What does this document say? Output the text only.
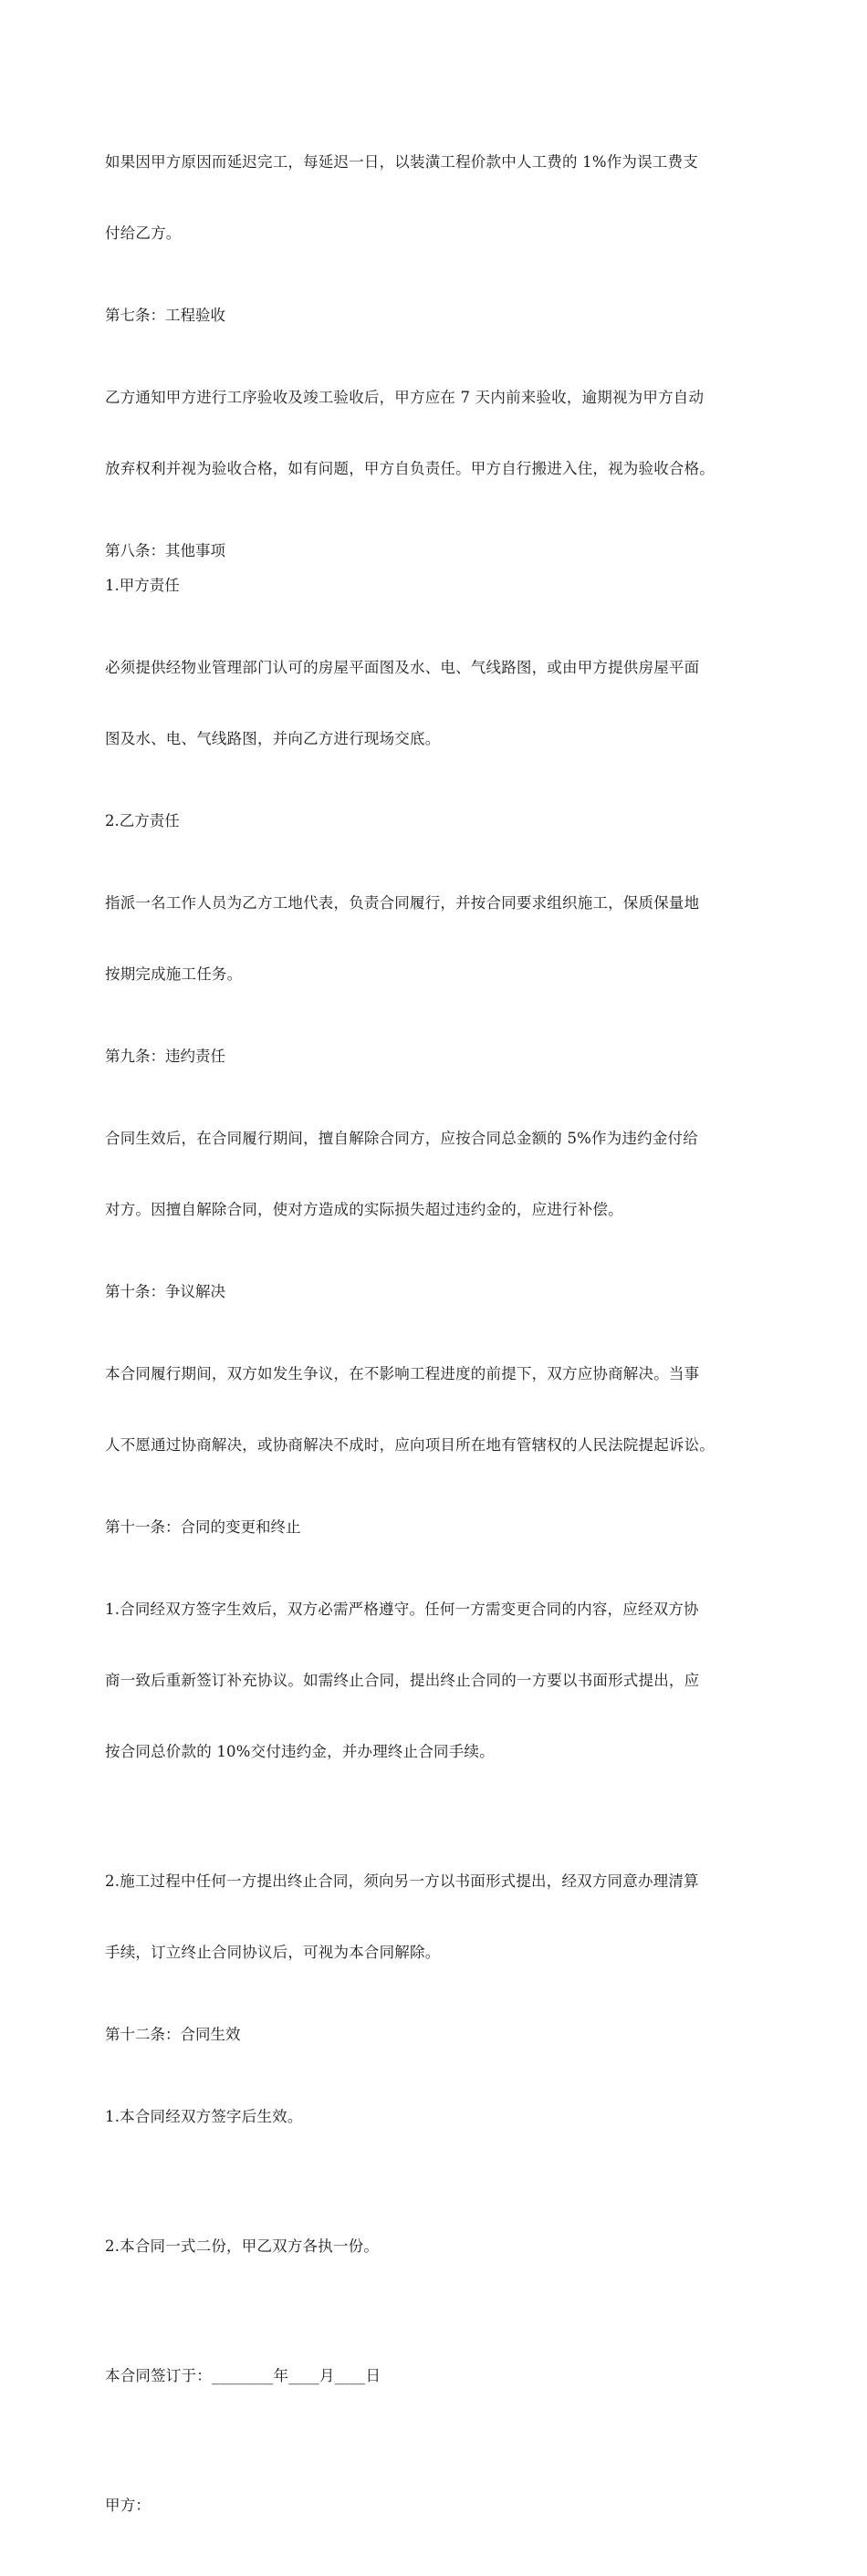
如果因甲方原因而延迟完工，每延迟一日，以装潢工程价款中人工费的 1%作为误工费支

付给乙方。

第七条：工程验收

乙方通知甲方进行工序验收及竣工验收后，甲方应在 7 天内前来验收，逾期视为甲方自动

放弃权利并视为验收合格，如有问题，甲方自负责任。甲方自行搬进入住，视为验收合格。

第八条：其他事项
1.甲方责任

必须提供经物业管理部门认可的房屋平面图及水、电、气线路图，或由甲方提供房屋平面

图及水、电、气线路图，并向乙方进行现场交底。

2.乙方责任

指派一名工作人员为乙方工地代表，负责合同履行，并按合同要求组织施工，保质保量地

按期完成施工任务。

第九条：违约责任

合同生效后，在合同履行期间，擅自解除合同方，应按合同总金额的 5%作为违约金付给

对方。因擅自解除合同，使对方造成的实际损失超过违约金的，应进行补偿。

第十条：争议解决

本合同履行期间，双方如发生争议，在不影响工程进度的前提下，双方应协商解决。当事

人不愿通过协商解决，或协商解决不成时，应向项目所在地有管辖权的人民法院提起诉讼。

第十一条：合同的变更和终止

1.合同经双方签字生效后，双方必需严格遵守。任何一方需变更合同的内容，应经双方协

商一致后重新签订补充协议。如需终止合同，提出终止合同的一方要以书面形式提出，应

按合同总价款的 10%交付违约金，并办理终止合同手续。

2.施工过程中任何一方提出终止合同，须向另一方以书面形式提出，经双方同意办理清算

手续，订立终止合同协议后，可视为本合同解除。

第十二条：合同生效

1.本合同经双方签字后生效。

2.本合同一式二份，甲乙双方各执一份。

本合同签订于：________年____月____日

甲方：
